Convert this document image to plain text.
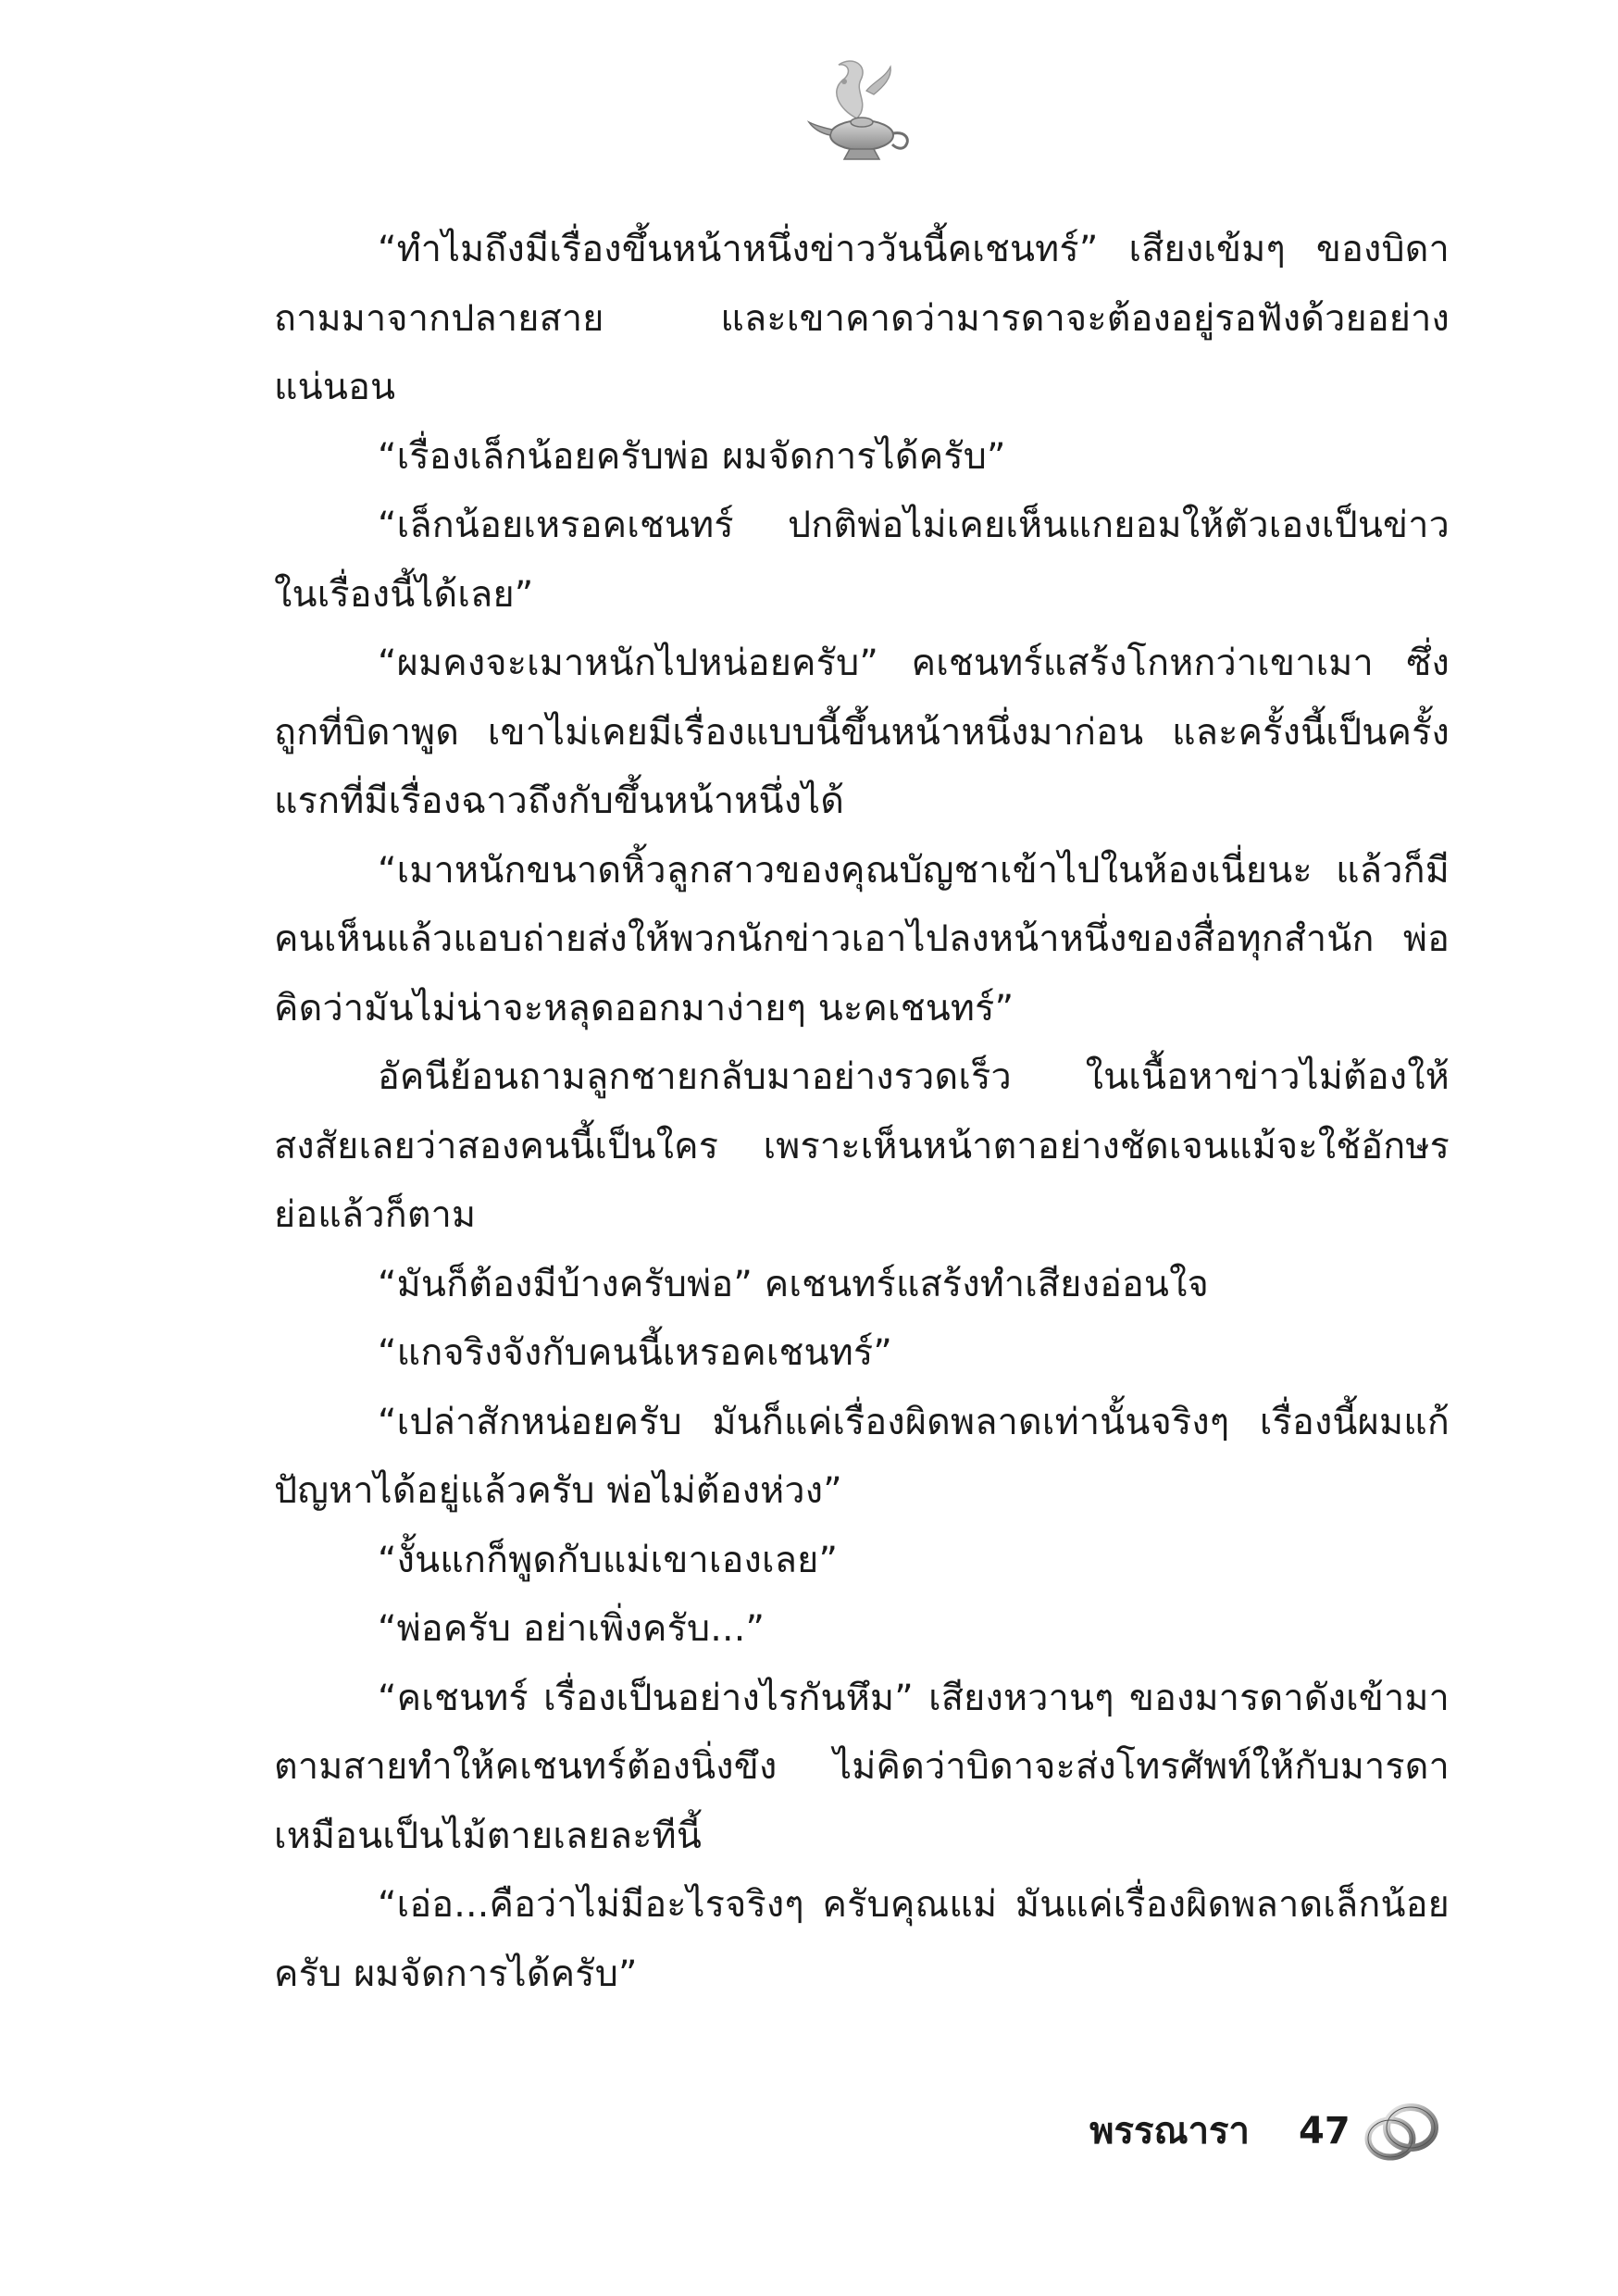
“ทำไมถึงมีเรื่องขึ้นหน้าหนึ่งข่าววันนี้คเชนทร์” เสียงเข้มๆ ของบิดาถามมาจากปลายสาย และเขาคาดว่ามารดาจะต้องอยู่รอฟังด้วยอย่างแน่นอน

“เรื่องเล็กน้อยครับพ่อ ผมจัดการได้ครับ”

“เล็กน้อยเหรอคเชนทร์ ปกติพ่อไม่เคยเห็นแกยอมให้ตัวเองเป็นข่าวในเรื่องนี้ได้เลย”

“ผมคงจะเมาหนักไปหน่อยครับ” คเชนทร์แสร้งโกหกว่าเขาเมา ซึ่งถูกที่บิดาพูด เขาไม่เคยมีเรื่องแบบนี้ขึ้นหน้าหนึ่งมาก่อน และครั้งนี้เป็นครั้งแรกที่มีเรื่องฉาวถึงกับขึ้นหน้าหนึ่งได้

“เมาหนักขนาดหิ้วลูกสาวของคุณบัญชาเข้าไปในห้องเนี่ยนะ แล้วก็มีคนเห็นแล้วแอบถ่ายส่งให้พวกนักข่าวเอาไปลงหน้าหนึ่งของสื่อทุกสำนัก พ่อคิดว่ามันไม่น่าจะหลุดออกมาง่ายๆ นะคเชนทร์”

อัคนีย้อนถามลูกชายกลับมาอย่างรวดเร็ว ในเนื้อหาข่าวไม่ต้องให้สงสัยเลยว่าสองคนนี้เป็นใคร เพราะเห็นหน้าตาอย่างชัดเจนแม้จะใช้อักษรย่อแล้วก็ตาม

“มันก็ต้องมีบ้างครับพ่อ” คเชนทร์แสร้งทำเสียงอ่อนใจ

“แกจริงจังกับคนนี้เหรอคเชนทร์”

“เปล่าสักหน่อยครับ มันก็แค่เรื่องผิดพลาดเท่านั้นจริงๆ เรื่องนี้ผมแก้ปัญหาได้อยู่แล้วครับ พ่อไม่ต้องห่วง”

“งั้นแกก็พูดกับแม่เขาเองเลย”

“พ่อครับ อย่าเพิ่งครับ...”

“คเชนทร์ เรื่องเป็นอย่างไรกันหึม” เสียงหวานๆ ของมารดาดังเข้ามาตามสายทำให้คเชนทร์ต้องนิ่งขึง ไม่คิดว่าบิดาจะส่งโทรศัพท์ให้กับมารดาเหมือนเป็นไม้ตายเลยละทีนี้

“เอ่อ...คือว่าไม่มีอะไรจริงๆ ครับคุณแม่ มันแค่เรื่องผิดพลาดเล็กน้อยครับ ผมจัดการได้ครับ”

พรรณารา 47
